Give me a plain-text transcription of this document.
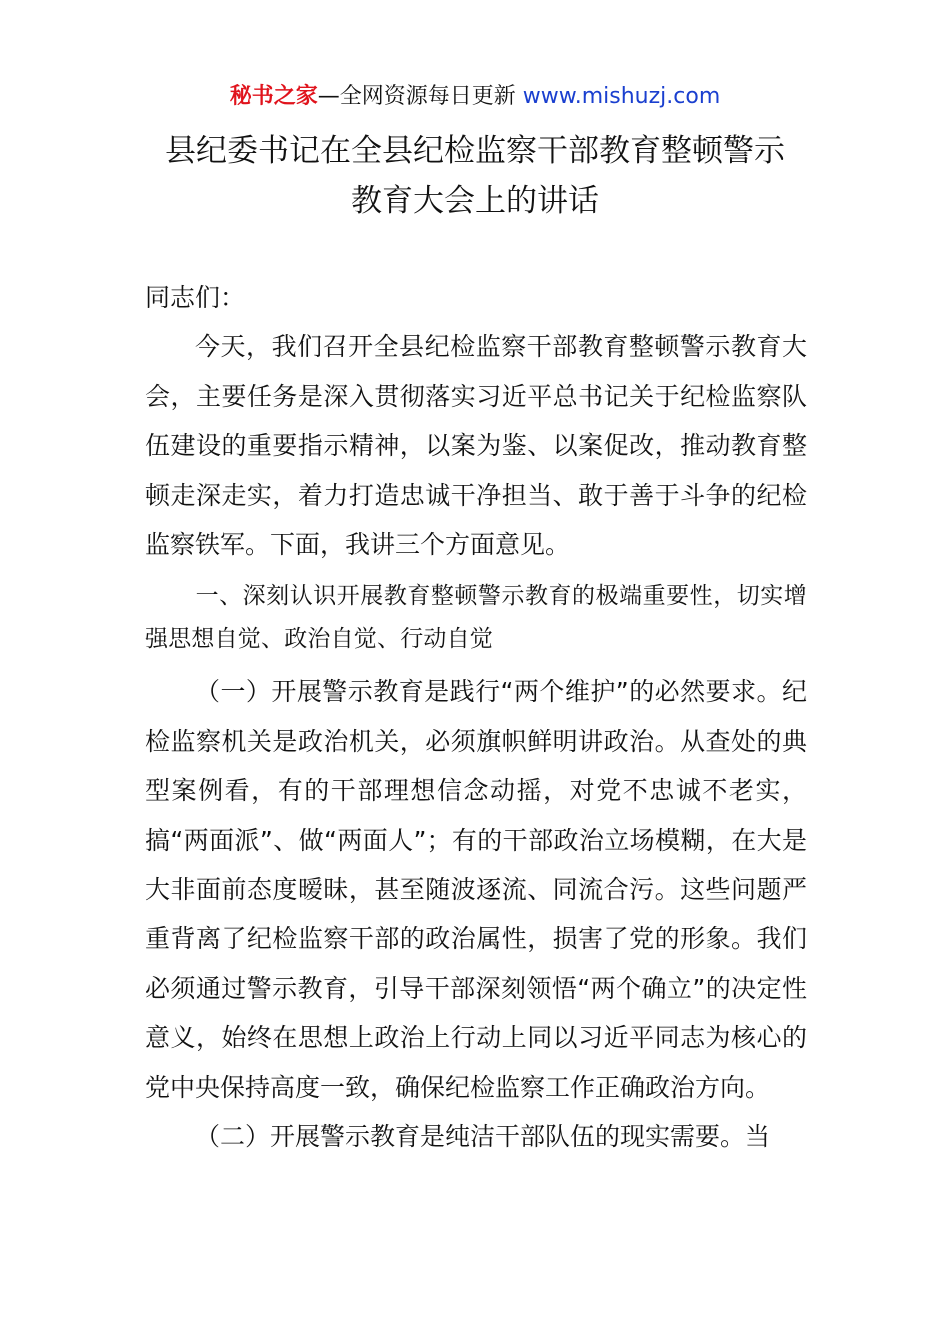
秘书之家—全网资源每日更新 www.mishuzj.com
县纪委书记在全县纪检监察干部教育整顿警示
教育大会上的讲话

同志们：

今天，我们召开全县纪检监察干部教育整顿警示教育大会，主要任务是深入贯彻落实习近平总书记关于纪检监察队伍建设的重要指示精神，以案为鉴、以案促改，推动教育整顿走深走实，着力打造忠诚干净担当、敢于善于斗争的纪检监察铁军。下面，我讲三个方面意见。

一、深刻认识开展教育整顿警示教育的极端重要性，切实增强思想自觉、政治自觉、行动自觉

（一）开展警示教育是践行“两个维护”的必然要求。纪检监察机关是政治机关，必须旗帜鲜明讲政治。从查处的典型案例看，有的干部理想信念动摇，对党不忠诚不老实，搞“两面派”、做“两面人”；有的干部政治立场模糊，在大是大非面前态度暧昧，甚至随波逐流、同流合污。这些问题严重背离了纪检监察干部的政治属性，损害了党的形象。我们必须通过警示教育，引导干部深刻领悟“两个确立”的决定性意义，始终在思想上政治上行动上同以习近平同志为核心的党中央保持高度一致，确保纪检监察工作正确政治方向。

（二）开展警示教育是纯洁干部队伍的现实需要。当
